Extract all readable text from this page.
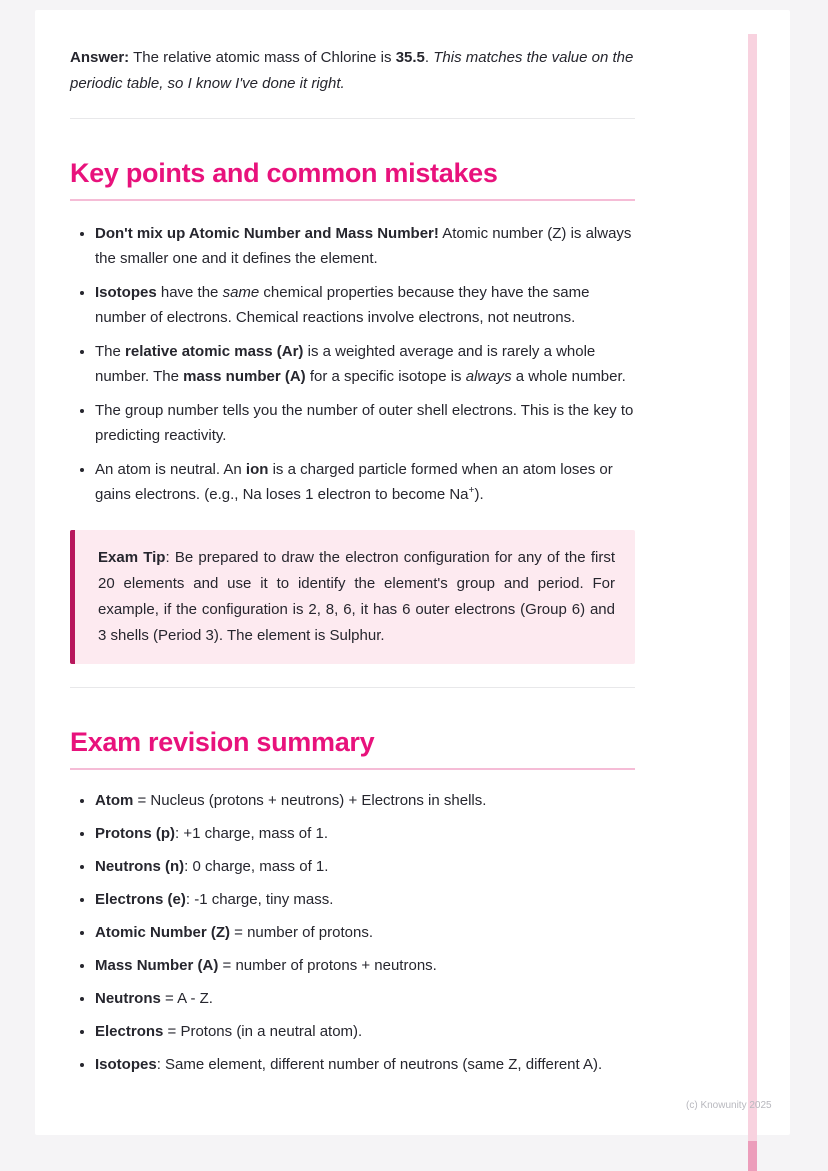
Answer: The relative atomic mass of Chlorine is 35.5. This matches the value on the periodic table, so I know I've done it right.

Key points and common mistakes
• Don't mix up Atomic Number and Mass Number! Atomic number (Z) is always the smaller one and it defines the element.
• Isotopes have the same chemical properties because they have the same number of electrons. Chemical reactions involve electrons, not neutrons.
• The relative atomic mass (Ar) is a weighted average and is rarely a whole number. The mass number (A) for a specific isotope is always a whole number.
• The group number tells you the number of outer shell electrons. This is the key to predicting reactivity.
• An atom is neutral. An ion is a charged particle formed when an atom loses or gains electrons. (e.g., Na loses 1 electron to become Na+).

Exam Tip: Be prepared to draw the electron configuration for any of the first 20 elements and use it to identify the element's group and period. For example, if the configuration is 2, 8, 6, it has 6 outer electrons (Group 6) and 3 shells (Period 3). The element is Sulphur.

Exam revision summary
• Atom = Nucleus (protons + neutrons) + Electrons in shells.
• Protons (p): +1 charge, mass of 1.
• Neutrons (n): 0 charge, mass of 1.
• Electrons (e): -1 charge, tiny mass.
• Atomic Number (Z) = number of protons.
• Mass Number (A) = number of protons + neutrons.
• Neutrons = A - Z.
• Electrons = Protons (in a neutral atom).
• Isotopes: Same element, different number of neutrons (same Z, different A).
(c) Knowunity 2025
